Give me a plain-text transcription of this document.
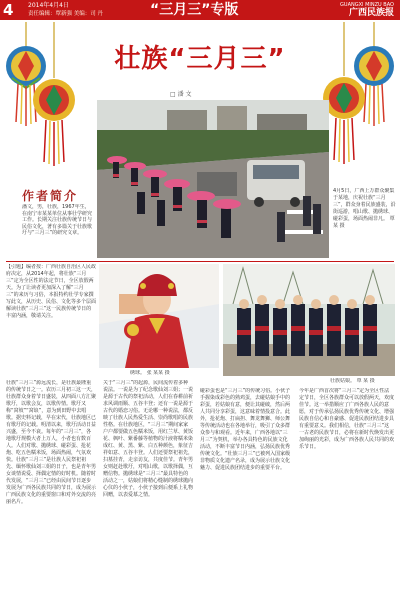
4 2014年4月4日
责任编辑：覃新强 美编：司 丹	“三月三”专版	GUANGXI MINZU BAO
广西民族报
壮族“三月三”
□ 潘 文
4月5日，广西上万群众聚集于某地，庆祝壮族“三月三”，群众身着民族盛装，沿街巡游，唱山歌、抛绣球、碰彩蛋，场面热闹非凡。 覃 某 摄
作者简介
潘文，男，壮族，1967年生，在南宁市某某单位从事壮学研究工作。长期关注壮族传统节日与民俗文化，著有多篇关于壮族歌圩与“三月三”的研究文章。
【引题】编者按：广西壮族自治区人民政府决定，从2014年起，将壮族“三月三”定为全区性的法定节日，全区放假两天。为了让读者更加深入了解“三月三”的来历与习俗，本报特约壮学专家撰写此文，从历史、民俗、文化等多个层面解读壮族“三月三”这一民族传统节日的丰富内涵，敬请关注。
绣球。 张 某某 摄
壮族姑娘。 覃 某 摄
壮族“三月三”源远流长，是壮族最隆重的传统节日之一。农历三月初三这一天，壮族群众身着节日盛装，从四面八方汇聚歌圩，以歌会友，以歌传情。歌圩又称“窝坡”“窝埌”，意为到田野中去唱歌。据史料记载，早在宋代，壮族地区已有歌圩的记载。明清以来，歌圩活动日益兴盛，至今不衰。每年的“三月三”，各地歌圩规模大者上万人，小者也有数百人。人们对歌、抛绣球、碰彩蛋、抢花炮、吃五色糯米饭，场面热闹，气氛欢快。壮族“三月三”是壮族人民祭祀祖先、缅怀歌仙刘三姐的日子，也是青年男女谈情说爱、择偶定情的好时机。随着时代发展，“三月三”已经由民间节日逐步发展为广西各民族共同的节日，成为展示广西民族文化的重要窗口和对外交流的亮丽名片。
关于“三月三”的起源，民间流传着多种说法。一说是为了纪念歌仙刘三姐；一说是源于古代的祭祀活动，人们在春耕前祈求风调雨顺、五谷丰登；还有一说是源于古代的婚恋习俗。无论哪一种说法，都反映了壮族人民热爱生活、崇尚歌唱的民族性格。在壮族地区，“三月三”期间家家户户都要做五色糯米饭，用红兰草、黄饭花、枫叶、紫番藤等植物的汁液将糯米染成红、黄、黑、紫、白五种颜色，象征吉祥如意、五谷丰登。人们还要祭祀祖先，扫墓挂青，走亲访友，共度佳节。青年男女则赶赴歌圩，对唱山歌，以歌择偶，互赠信物。抛绣球是“三月三”最具特色的活动之一，姑娘们将精心缝制的绣球抛向心仪的小伙子，小伙子接到后便系上礼物回赠，以表爱慕之情。
碰彩蛋也是“三月三”的传统习俗。小伙子手握染成彩色的熟鸡蛋，去碰姑娘手中的彩蛋，若姑娘有意，便让其碰破，然后两人共同分享彩蛋，这意味着情投意合。此外，抢花炮、打扁担、舞龙舞狮、师公舞等传统活动也在各地举行，吸引了众多群众参与和观看。近年来，广西各地以“三月三”为契机，举办各具特色的民族文化活动，不断丰富节日内涵，弘扬民族优秀传统文化。“壮族三月三”已被列入国家级非物质文化遗产名录，成为展示壮族文化魅力、促进民族团结进步的重要平台。
今年是广西首次将“三月三”定为全区性法定节日，全区各族群众可以放假两天，欢度佳节。这一举措顺应了广西各族人民的意愿，对于传承弘扬民族优秀传统文化、增强民族自信心和自豪感、促进民族团结进步具有重要意义。我们相信，壮族“三月三”这一古老的民族节日，必将在新时代焕发出更加绚丽的光彩，成为广西各族人民共同的欢乐节日。
